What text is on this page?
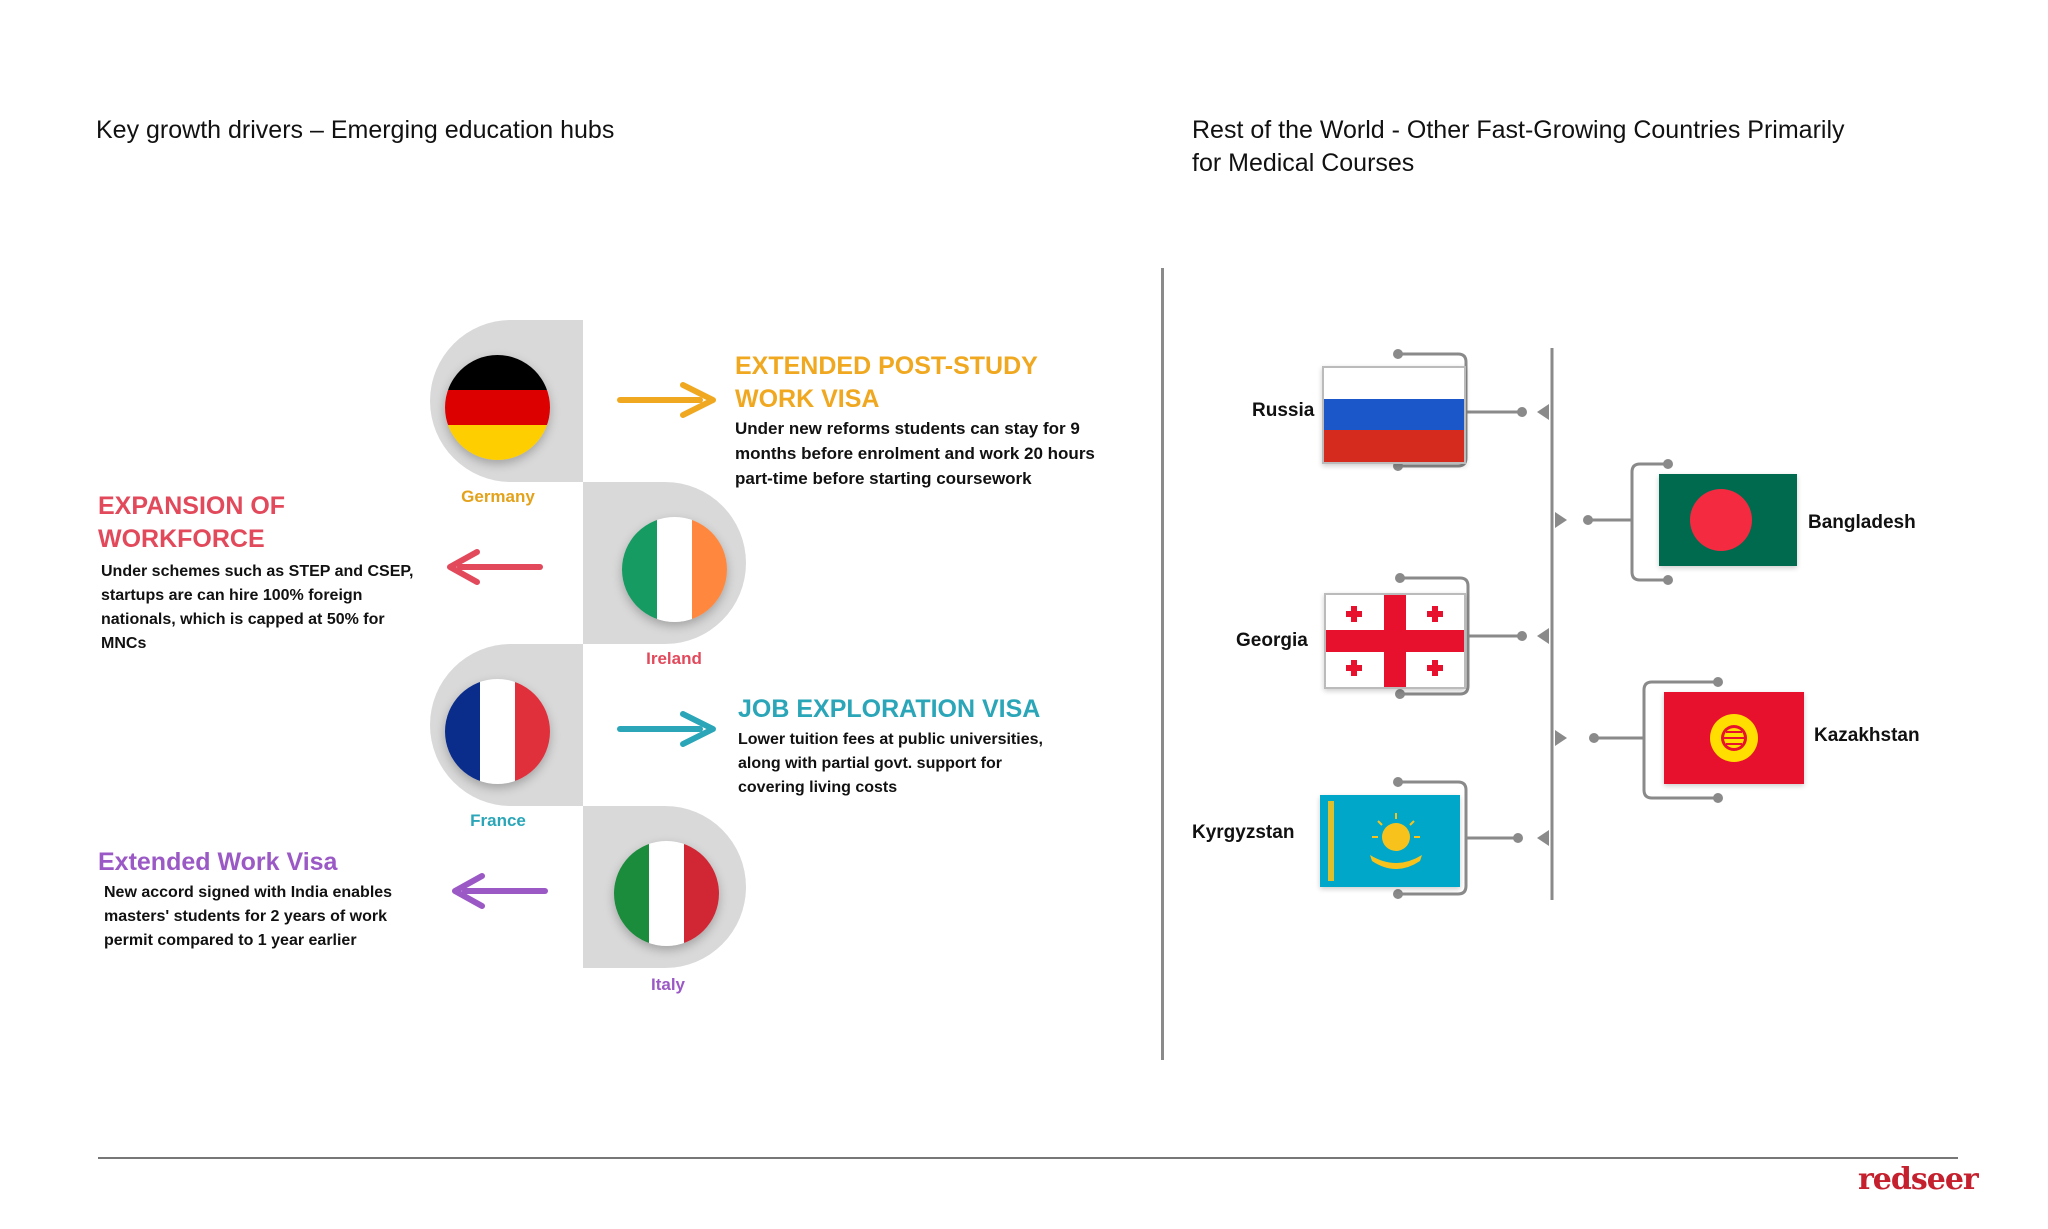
Key growth drivers – Emerging education hubs
Germany
Ireland
France
Italy
EXTENDED POST-STUDY
WORK VISA
Under new reforms students can stay for 9
months before enrolment and work 20 hours
part-time before starting coursework
EXPANSION OF
WORKFORCE
Under schemes such as STEP and CSEP,
startups are can hire 100% foreign
nationals, which is capped at 50% for
MNCs
JOB EXPLORATION VISA
Lower tuition fees at public universities,
along with partial govt. support for
covering living costs
Extended Work Visa
New accord signed with India enables
masters' students for 2 years of work
permit compared to 1 year earlier
Rest of the World - Other Fast-Growing Countries Primarily
for Medical Courses
Russia
Georgia
Kyrgyzstan
Bangladesh
Kazakhstan
redseer
